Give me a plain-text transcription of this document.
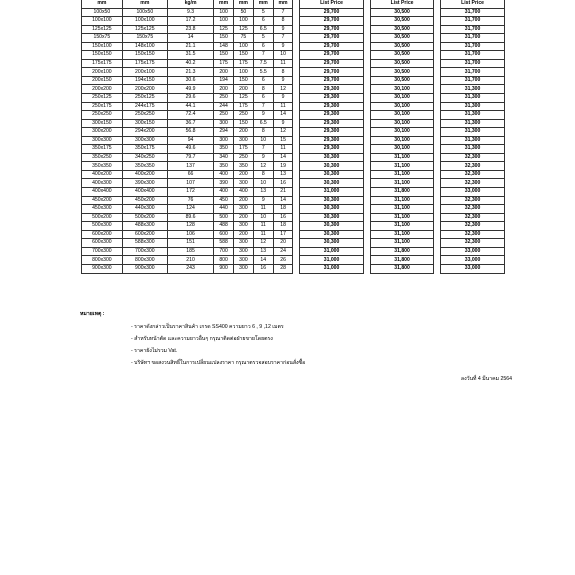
mm	mm	kg/m	mm	mm	mm	mm		List Price		List Price		List Price
100x50	100x50	9.3	100	50	5	7		29,700		30,500		31,700
100x100	100x100	17.2	100	100	6	8		29,700		30,500		31,700
125x125	125x125	23.8	125	125	6.5	9		29,700		30,500		31,700
150x75	150x75	14	150	75	5	7		29,700		30,500		31,700
150x100	148x100	21.1	148	100	6	9		29,700		30,500		31,700
150x150	150x150	31.5	150	150	7	10		29,700		30,500		31,700
175x175	175x175	40.2	175	175	7.5	11		29,700		30,500		31,700
200x100	200x100	21.3	200	100	5.5	8		29,700		30,500		31,700
200x150	194x150	30.6	194	150	6	9		29,700		30,500		31,700
200x200	200x200	49.9	200	200	8	12		29,300		30,100		31,300
250x125	250x125	29.6	250	125	6	9		29,300		30,100		31,300
250x175	244x175	44.1	244	175	7	11		29,300		30,100		31,300
250x250	250x250	72.4	250	250	9	14		29,300		30,100		31,300
300x150	300x150	36.7	300	150	6.5	9		29,300		30,100		31,300
300x200	294x200	56.8	294	200	8	12		29,300		30,100		31,300
300x300	300x300	94	300	300	10	15		29,300		30,100		31,300
350x175	350x175	49.6	350	175	7	11		29,300		30,100		31,300
350x250	340x250	79.7	340	250	9	14		30,300		31,100		32,300
350x350	350x350	137	350	350	12	19		30,300		31,100		32,300
400x200	400x200	66	400	200	8	13		30,300		31,100		32,300
400x300	390x300	107	390	300	10	16		30,300		31,100		32,300
400x400	400x400	172	400	400	13	21		31,000		31,800		33,000
450x200	450x200	76	450	200	9	14		30,300		31,100		32,300
450x300	440x300	124	440	300	11	18		30,300		31,100		32,300
500x200	500x200	89.6	500	200	10	16		30,300		31,100		32,300
500x300	488x300	128	488	300	11	18		30,300		31,100		32,300
600x200	600x200	106	600	200	11	17		30,300		31,100		32,300
600x300	588x300	151	588	300	12	20		30,300		31,100		32,300
700x300	700x300	185	700	300	13	24		31,000		31,800		33,000
800x300	800x300	210	800	300	14	26		31,000		31,800		33,000
900x300	900x300	243	900	300	16	28		31,000		31,800		33,000
หมายเหตุ :
- ราคาดังกล่าวเป็นราคาสินค้า เกรด SS400 ความยาว 6 , 9 ,12 เมตร
- สำหรับหน้าตัด และความยาวอื่นๆ กรุณาติดต่อฝ่ายขายโดยตรง
- ราคายังไม่รวม Vat.
- บริษัทฯ ขอสงวนสิทธิ์ในการเปลี่ยนแปลงราคา กรุณาตรวจสอบราคาก่อนสั่งซื้อ
ลงวันที่ 4 มีนาคม 2564
